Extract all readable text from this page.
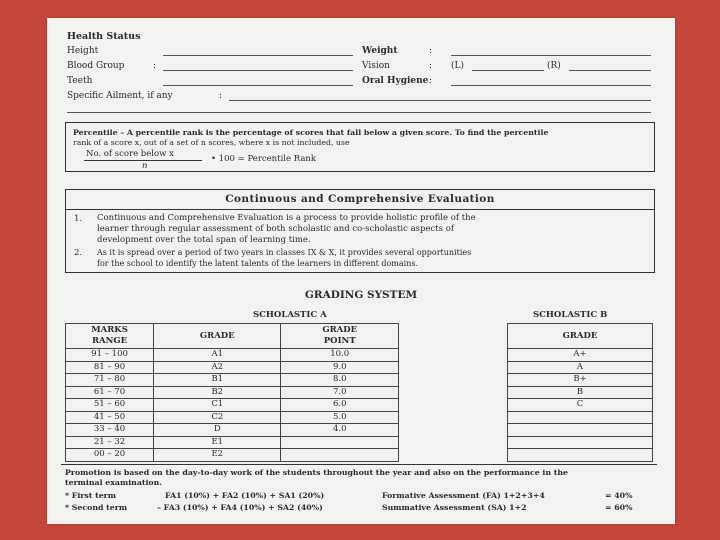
Health Status
Height	Weight	:
Blood Group	:	Vision	: (L)	(R)
Teeth	Oral Hygiene :
Specific Ailment, if any	:
Percentile – A percentile rank is the percentage of scores that fall below a given score. To find the percentile
rank of a score x, out of a set of n scores, where x is not included, use
No. of score below x
n
• 100 = Percentile Rank
Continuous and Comprehensive Evaluation
1. Continuous and Comprehensive Evaluation is a process to provide holistic profile of the
learner through regular assessment of both scholastic and co-scholastic aspects of
development over the total span of learning time.
2. As it is spread over a period of two years in classes IX & X, it provides several opportunities
for the school to identify the latent talents of the learners in different domains.
GRADING SYSTEM
SCHOLASTIC A	SCHOLASTIC B
MARKS
RANGE	GRADE	GRADE
POINT
91 – 100	A1	10.0
81 – 90	A2	9.0
71 – 80	B1	8.0
61 – 70	B2	7.0
51 – 60	C1	6.0
41 – 50	C2	5.0
33 – 40	D	4.0
21 – 32	E1	
00 – 20	E2	
GRADE
A+
A
B+
B
C

Promotion is based on the day-to-day work of the students throughout the year and also on the performance in the
terminal examination.
* First term	FA1 (10%) + FA2 (10%) + SA1 (20%)	Formative Assessment (FA) 1+2+3+4	= 40%
* Second term	– FA3 (10%) + FA4 (10%) + SA2 (40%)	Summative Assessment (SA) 1+2	= 60%
